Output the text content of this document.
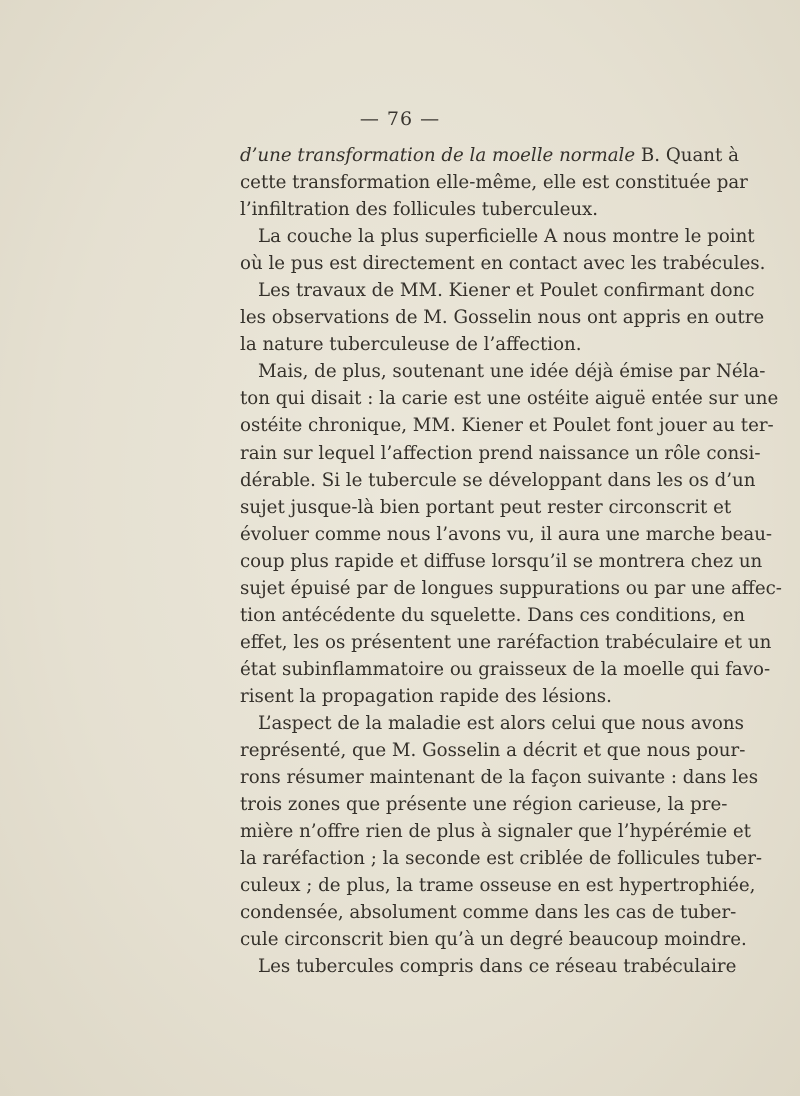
— 76 —
d’une transformation de la moelle normale B. Quant à
cette transformation elle-même, elle est constituée par
l’infiltration des follicules tuberculeux.
La couche la plus superficielle A nous montre le point
où le pus est directement en contact avec les trabécules.
Les travaux de MM. Kiener et Poulet confirmant donc
les observations de M. Gosselin nous ont appris en outre
la nature tuberculeuse de l’affection.
Mais, de plus, soutenant une idée déjà émise par Néla-
ton qui disait : la carie est une ostéite aiguë entée sur une
ostéite chronique, MM. Kiener et Poulet font jouer au ter-
rain sur lequel l’affection prend naissance un rôle consi-
dérable. Si le tubercule se développant dans les os d’un
sujet jusque-là bien portant peut rester circonscrit et
évoluer comme nous l’avons vu, il aura une marche beau-
coup plus rapide et diffuse lorsqu’il se montrera chez un
sujet épuisé par de longues suppurations ou par une affec-
tion antécédente du squelette. Dans ces conditions, en
effet, les os présentent une raréfaction trabéculaire et un
état subinflammatoire ou graisseux de la moelle qui favo-
risent la propagation rapide des lésions.
L’aspect de la maladie est alors celui que nous avons
représenté, que M. Gosselin a décrit et que nous pour-
rons résumer maintenant de la façon suivante : dans les
trois zones que présente une région carieuse, la pre-
mière n’offre rien de plus à signaler que l’hypérémie et
la raréfaction ; la seconde est criblée de follicules tuber-
culeux ; de plus, la trame osseuse en est hypertrophiée,
condensée, absolument comme dans les cas de tuber-
cule circonscrit bien qu’à un degré beaucoup moindre.
Les tubercules compris dans ce réseau trabéculaire
